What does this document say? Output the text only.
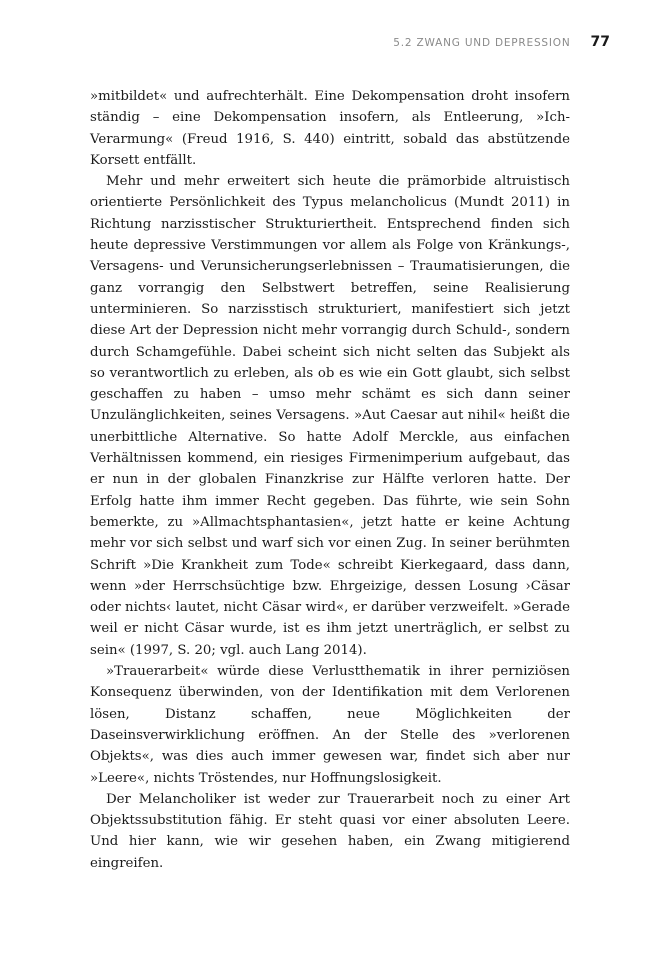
5.2 ZWANG UND DEPRESSION 77

»mitbildet« und aufrechterhält. Eine Dekompensation droht insofern ständig – eine Dekompensation insofern, als Entleerung, »Ich-Verarmung« (Freud 1916, S. 440) eintritt, sobald das abstützende Korsett entfällt.

Mehr und mehr erweitert sich heute die prämorbide altruistisch orientierte Persönlichkeit des Typus melancholicus (Mundt 2011) in Richtung narzisstischer Strukturiertheit. Entsprechend finden sich heute depressive Verstimmungen vor allem als Folge von Kränkungs-, Versagens- und Verunsicherungserlebnissen – Traumatisierungen, die ganz vorrangig den Selbstwert betreffen, seine Realisierung unterminieren. So narzisstisch strukturiert, manifestiert sich jetzt diese Art der Depression nicht mehr vorrangig durch Schuld-, sondern durch Schamgefühle. Dabei scheint sich nicht selten das Subjekt als so verantwortlich zu erleben, als ob es wie ein Gott glaubt, sich selbst geschaffen zu haben – umso mehr schämt es sich dann seiner Unzulänglichkeiten, seines Versagens. »Aut Caesar aut nihil« heißt die unerbittliche Alternative. So hatte Adolf Merckle, aus einfachen Verhältnissen kommend, ein riesiges Firmenimperium aufgebaut, das er nun in der globalen Finanzkrise zur Hälfte verloren hatte. Der Erfolg hatte ihm immer Recht gegeben. Das führte, wie sein Sohn bemerkte, zu »Allmachtsphantasien«, jetzt hatte er keine Achtung mehr vor sich selbst und warf sich vor einen Zug. In seiner berühmten Schrift »Die Krankheit zum Tode« schreibt Kierkegaard, dass dann, wenn »der Herrschsüchtige bzw. Ehrgeizige, dessen Losung ›Cäsar oder nichts‹ lautet, nicht Cäsar wird«, er darüber verzweifelt. »Gerade weil er nicht Cäsar wurde, ist es ihm jetzt unerträglich, er selbst zu sein« (1997, S. 20; vgl. auch Lang 2014).

»Trauerarbeit« würde diese Verlustthematik in ihrer perniziösen Konsequenz überwinden, von der Identifikation mit dem Verlorenen lösen, Distanz schaffen, neue Möglichkeiten der Daseinsverwirklichung eröffnen. An der Stelle des »verlorenen Objekts«, was dies auch immer gewesen war, findet sich aber nur »Leere«, nichts Tröstendes, nur Hoffnungslosigkeit.

Der Melancholiker ist weder zur Trauerarbeit noch zu einer Art Objektssubstitution fähig. Er steht quasi vor einer absoluten Leere. Und hier kann, wie wir gesehen haben, ein Zwang mitigierend eingreifen.
